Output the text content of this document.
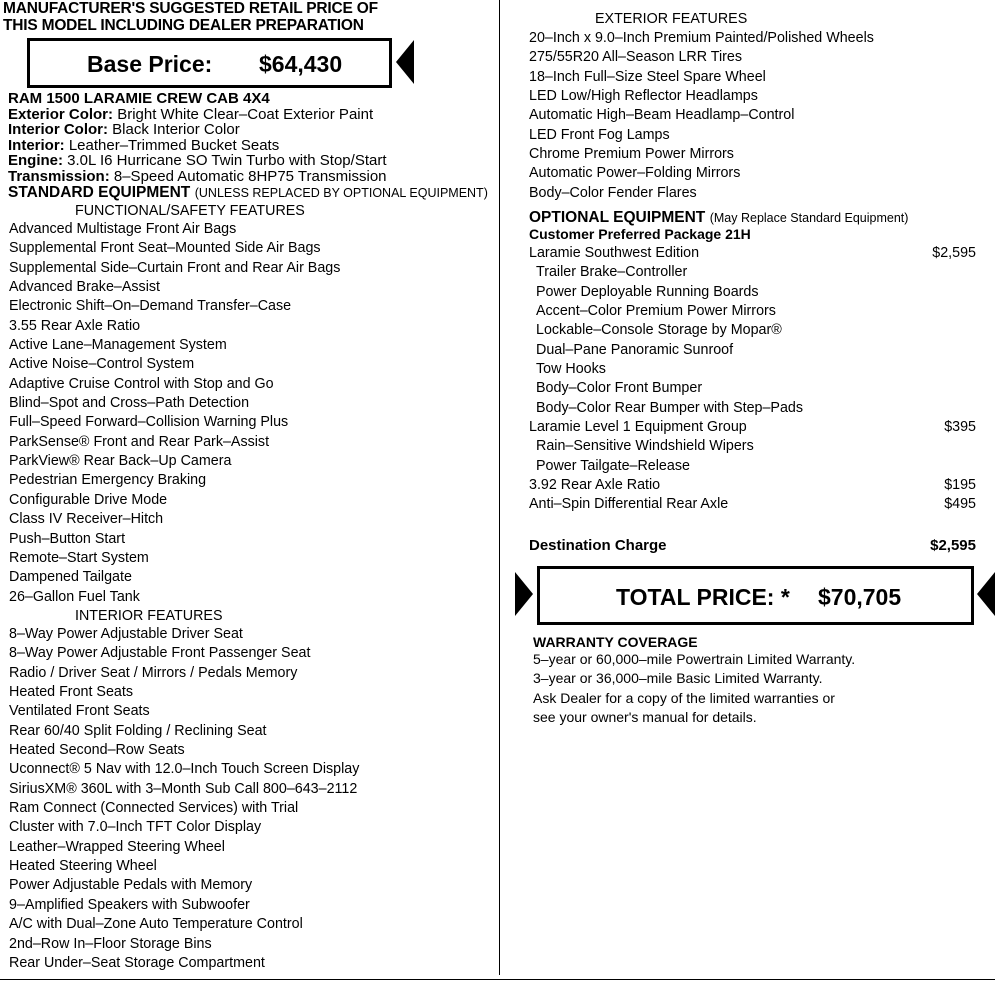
MANUFACTURER'S SUGGESTED RETAIL PRICE OF
THIS MODEL INCLUDING DEALER PREPARATION
Base Price: $64,430
RAM 1500 LARAMIE CREW CAB 4X4
Exterior Color: Bright White Clear–Coat Exterior Paint
Interior Color: Black Interior Color
Interior: Leather–Trimmed Bucket Seats
Engine: 3.0L I6 Hurricane SO Twin Turbo with Stop/Start
Transmission: 8–Speed Automatic 8HP75 Transmission
STANDARD EQUIPMENT (UNLESS REPLACED BY OPTIONAL EQUIPMENT)
FUNCTIONAL/SAFETY FEATURES
Advanced Multistage Front Air Bags
Supplemental Front Seat–Mounted Side Air Bags
Supplemental Side–Curtain Front and Rear Air Bags
Advanced Brake–Assist
Electronic Shift–On–Demand Transfer–Case
3.55 Rear Axle Ratio
Active Lane–Management System
Active Noise–Control System
Adaptive Cruise Control with Stop and Go
Blind–Spot and Cross–Path Detection
Full–Speed Forward–Collision Warning Plus
ParkSense® Front and Rear Park–Assist
ParkView® Rear Back–Up Camera
Pedestrian Emergency Braking
Configurable Drive Mode
Class IV Receiver–Hitch
Push–Button Start
Remote–Start System
Dampened Tailgate
26–Gallon Fuel Tank
INTERIOR FEATURES
8–Way Power Adjustable Driver Seat
8–Way Power Adjustable Front Passenger Seat
Radio / Driver Seat / Mirrors / Pedals Memory
Heated Front Seats
Ventilated Front Seats
Rear 60/40 Split Folding / Reclining Seat
Heated Second–Row Seats
Uconnect® 5 Nav with 12.0–Inch Touch Screen Display
SiriusXM® 360L with 3–Month Sub Call 800–643–2112
Ram Connect (Connected Services) with Trial
Cluster with 7.0–Inch TFT Color Display
Leather–Wrapped Steering Wheel
Heated Steering Wheel
Power Adjustable Pedals with Memory
9–Amplified Speakers with Subwoofer
A/C with Dual–Zone Auto Temperature Control
2nd–Row In–Floor Storage Bins
Rear Under–Seat Storage Compartment
EXTERIOR FEATURES
20–Inch x 9.0–Inch Premium Painted/Polished Wheels
275/55R20 All–Season LRR Tires
18–Inch Full–Size Steel Spare Wheel
LED Low/High Reflector Headlamps
Automatic High–Beam Headlamp–Control
LED Front Fog Lamps
Chrome Premium Power Mirrors
Automatic Power–Folding Mirrors
Body–Color Fender Flares
OPTIONAL EQUIPMENT (May Replace Standard Equipment)
Customer Preferred Package 21H
Laramie Southwest Edition	$2,595
Trailer Brake–Controller
Power Deployable Running Boards
Accent–Color Premium Power Mirrors
Lockable–Console Storage by Mopar®
Dual–Pane Panoramic Sunroof
Tow Hooks
Body–Color Front Bumper
Body–Color Rear Bumper with Step–Pads
Laramie Level 1 Equipment Group	$395
Rain–Sensitive Windshield Wipers
Power Tailgate–Release
3.92 Rear Axle Ratio	$195
Anti–Spin Differential Rear Axle	$495
Destination Charge	$2,595
TOTAL PRICE: * $70,705
WARRANTY COVERAGE
5–year or 60,000–mile Powertrain Limited Warranty.
3–year or 36,000–mile Basic Limited Warranty.
Ask Dealer for a copy of the limited warranties or
see your owner's manual for details.
